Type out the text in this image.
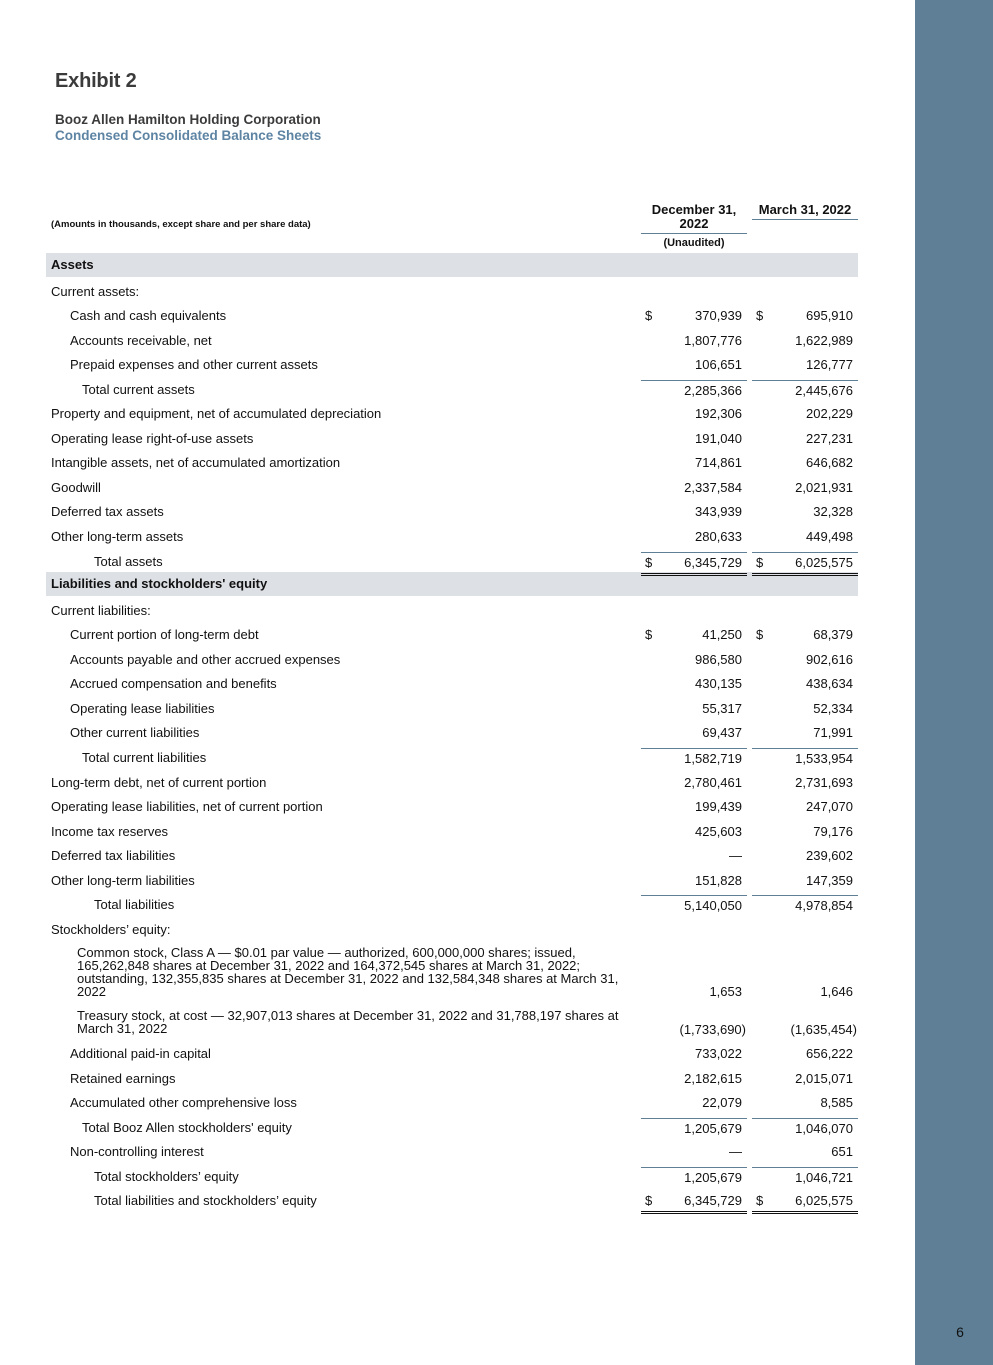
6
Exhibit 2
Booz Allen Hamilton Holding Corporation
Condensed Consolidated Balance Sheets
December 31, 2022
March 31, 2022
(Amounts in thousands, except share and per share data)
(Unaudited)
Assets
Liabilities and stockholders' equity
Current assets:
Cash and cash equivalents	$	370,939 $	695,910
Accounts receivable, net	1,807,776	1,622,989
Prepaid expenses and other current assets	106,651	126,777
Total current assets	2,285,366	2,445,676
Property and equipment, net of accumulated depreciation	192,306	202,229
Operating lease right-of-use assets	191,040	227,231
Intangible assets, net of accumulated amortization	714,861	646,682
Goodwill	2,337,584	2,021,931
Deferred tax assets	343,939	32,328
Other long-term assets	280,633	449,498
Total assets	$ 6,345,729 $ 6,025,575
Current liabilities:
Current portion of long-term debt	$	41,250 $	68,379
Accounts payable and other accrued expenses	986,580	902,616
Accrued compensation and benefits	430,135	438,634
Operating lease liabilities	55,317	52,334
Other current liabilities	69,437	71,991
Total current liabilities	1,582,719	1,533,954
Long-term debt, net of current portion	2,780,461	2,731,693
Operating lease liabilities, net of current portion	199,439	247,070
Income tax reserves	425,603	79,176
Deferred tax liabilities	—	239,602
Other long-term liabilities	151,828	147,359
Total liabilities	5,140,050	4,978,854
Stockholders’ equity:
Common stock, Class A — $0.01 par value — authorized, 600,000,000 shares; issued, 165,262,848 shares at December 31, 2022 and 164,372,545 shares at March 31, 2022; outstanding, 132,355,835 shares at December 31, 2022 and 132,584,348 shares at March 31, 2022	1,653	1,646
Treasury stock, at cost — 32,907,013 shares at December 31, 2022 and 31,788,197 shares at March 31, 2022	(1,733,690)	(1,635,454)
Additional paid-in capital	733,022	656,222
Retained earnings	2,182,615	2,015,071
Accumulated other comprehensive loss	22,079	8,585
Total Booz Allen stockholders' equity	1,205,679	1,046,070
Non-controlling interest	—	651
Total stockholders’ equity	1,205,679	1,046,721
Total liabilities and stockholders’ equity	$ 6,345,729 $ 6,025,575
